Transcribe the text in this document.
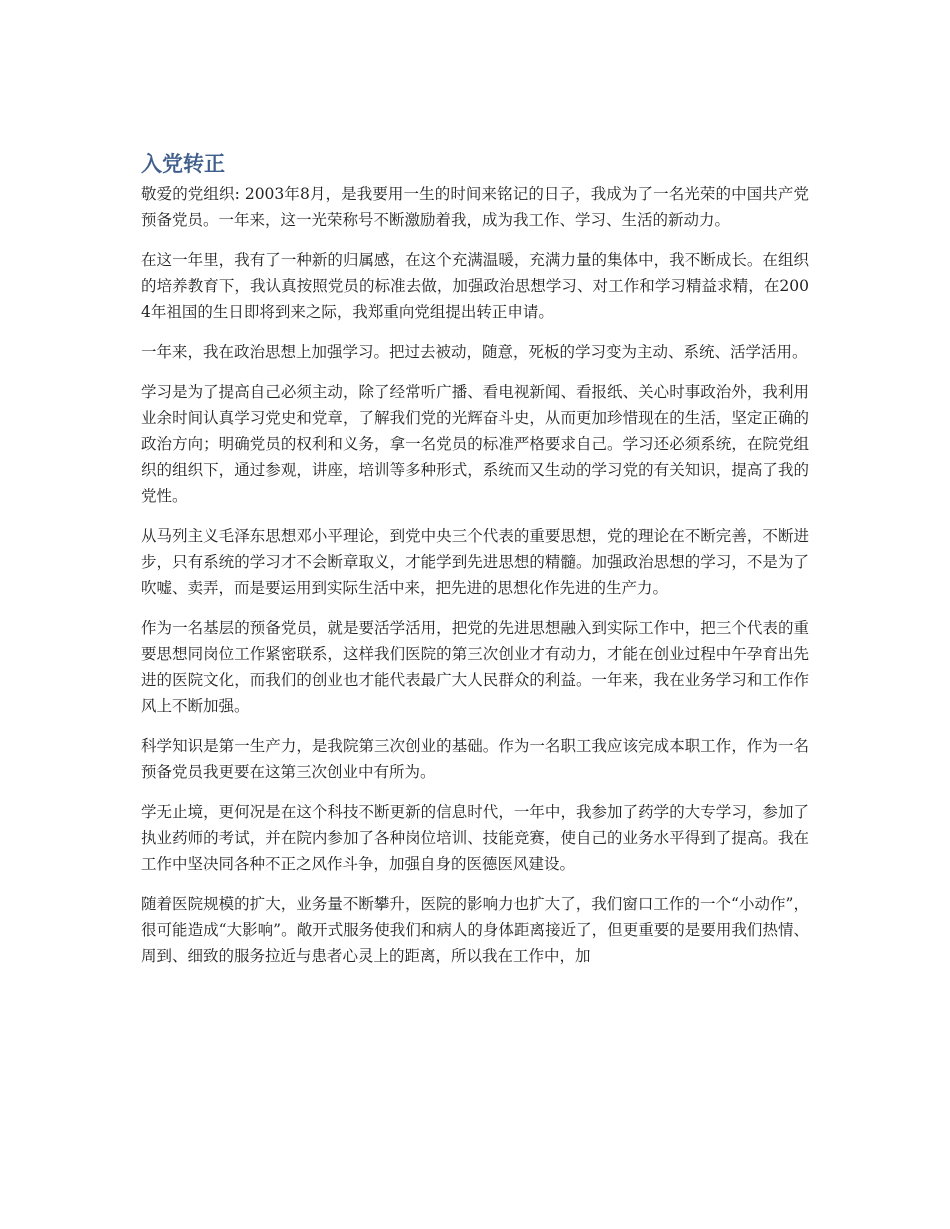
入党转正

敬爱的党组织: 2003年8月，是我要用一生的时间来铭记的日子，我成为了一名光荣的中国共产党预备党员。一年来，这一光荣称号不断激励着我，成为我工作、学习、生活的新动力。

在这一年里，我有了一种新的归属感，在这个充满温暖，充满力量的集体中，我不断成长。在组织的培养教育下，我认真按照党员的标准去做，加强政治思想学习、对工作和学习精益求精，在2004年祖国的生日即将到来之际，我郑重向党组提出转正申请。

一年来，我在政治思想上加强学习。把过去被动，随意，死板的学习变为主动、系统、活学活用。

学习是为了提高自己必须主动，除了经常听广播、看电视新闻、看报纸、关心时事政治外，我利用业余时间认真学习党史和党章，了解我们党的光辉奋斗史，从而更加珍惜现在的生活，坚定正确的政治方向；明确党员的权利和义务，拿一名党员的标准严格要求自己。学习还必须系统，在院党组织的组织下，通过参观，讲座，培训等多种形式，系统而又生动的学习党的有关知识，提高了我的党性。

从马列主义毛泽东思想邓小平理论，到党中央三个代表的重要思想，党的理论在不断完善，不断进步，只有系统的学习才不会断章取义，才能学到先进思想的精髓。加强政治思想的学习，不是为了吹嘘、卖弄，而是要运用到实际生活中来，把先进的思想化作先进的生产力。

作为一名基层的预备党员，就是要活学活用，把党的先进思想融入到实际工作中，把三个代表的重要思想同岗位工作紧密联系，这样我们医院的第三次创业才有动力，才能在创业过程中午孕育出先进的医院文化，而我们的创业也才能代表最广大人民群众的利益。一年来，我在业务学习和工作作风上不断加强。

科学知识是第一生产力，是我院第三次创业的基础。作为一名职工我应该完成本职工作，作为一名预备党员我更要在这第三次创业中有所为。

学无止境，更何况是在这个科技不断更新的信息时代，一年中，我参加了药学的大专学习，参加了执业药师的考试，并在院内参加了各种岗位培训、技能竞赛，使自己的业务水平得到了提高。我在工作中坚决同各种不正之风作斗争，加强自身的医德医风建设。

随着医院规模的扩大，业务量不断攀升，医院的影响力也扩大了，我们窗口工作的一个“小动作”，很可能造成“大影响”。敞开式服务使我们和病人的身体距离接近了，但更重要的是要用我们热情、周到、细致的服务拉近与患者心灵上的距离，所以我在工作中，加
